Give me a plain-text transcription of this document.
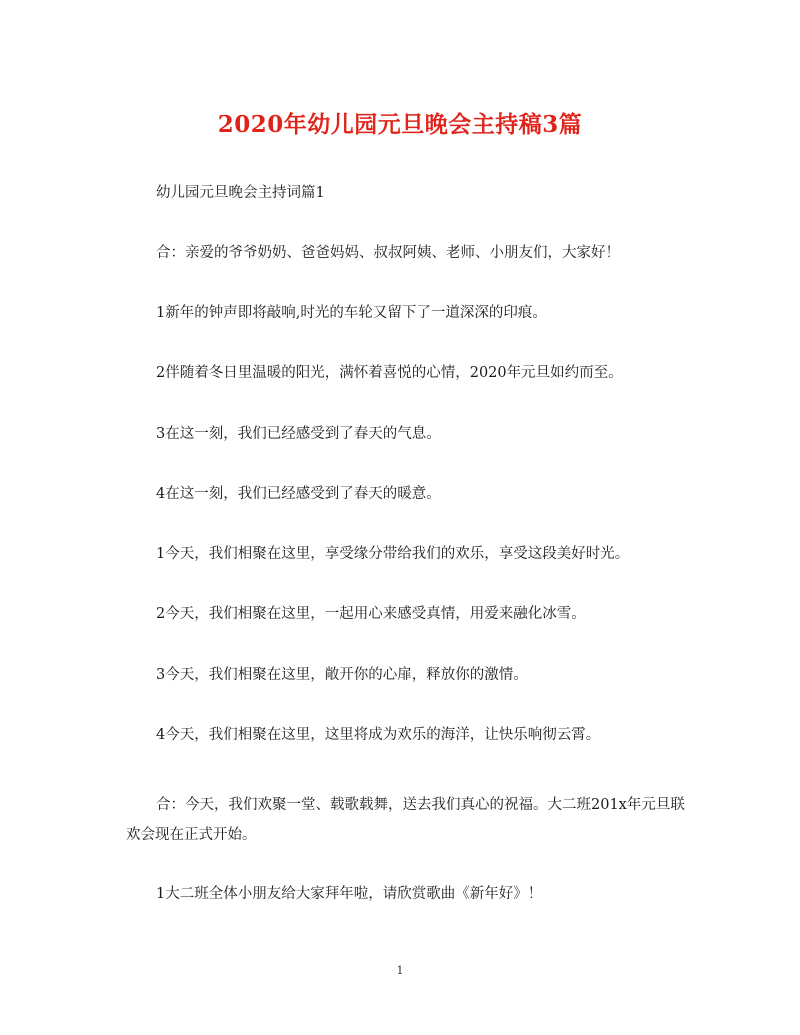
2020年幼儿园元旦晚会主持稿3篇

幼儿园元旦晚会主持词篇1

合：亲爱的爷爷奶奶、爸爸妈妈、叔叔阿姨、老师、小朋友们，大家好！

1新年的钟声即将敲响,时光的车轮又留下了一道深深的印痕。

2伴随着冬日里温暖的阳光，满怀着喜悦的心情，2020年元旦如约而至。

3在这一刻，我们已经感受到了春天的气息。

4在这一刻，我们已经感受到了春天的暖意。

1今天，我们相聚在这里，享受缘分带给我们的欢乐，享受这段美好时光。

2今天，我们相聚在这里，一起用心来感受真情，用爱来融化冰雪。

3今天，我们相聚在这里，敞开你的心扉，释放你的激情。

4今天，我们相聚在这里，这里将成为欢乐的海洋，让快乐响彻云霄。

合：今天，我们欢聚一堂、载歌载舞，送去我们真心的祝福。大二班201x年元旦联欢会现在正式开始。

1大二班全体小朋友给大家拜年啦，请欣赏歌曲《新年好》！

1
